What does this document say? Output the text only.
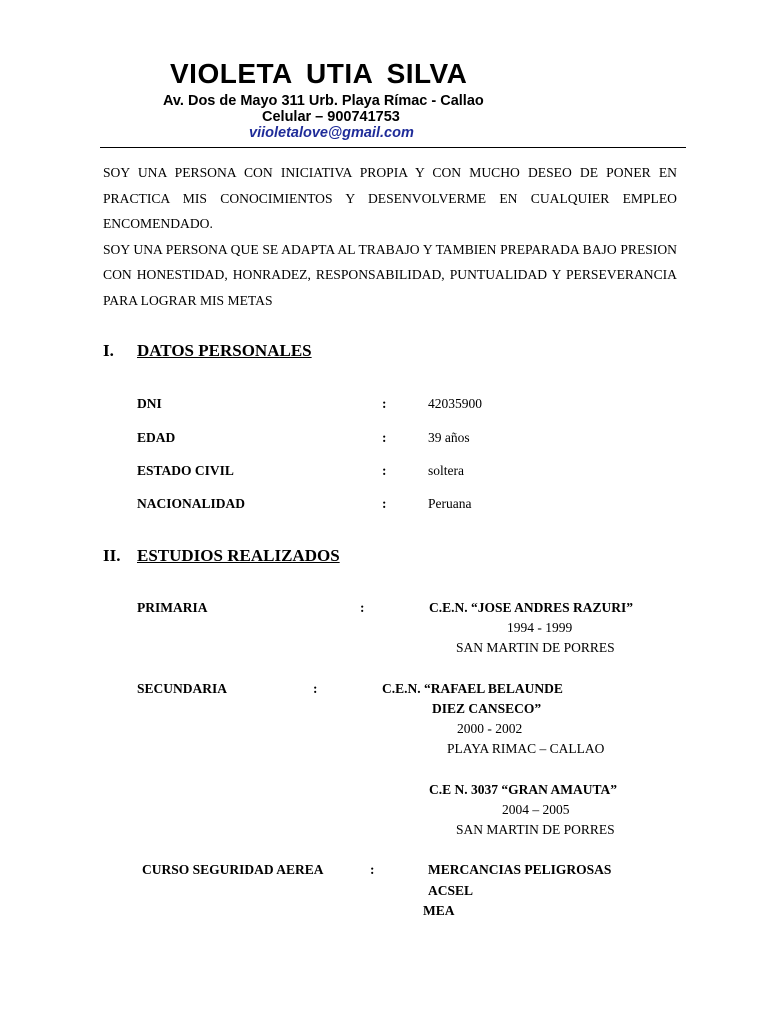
VIOLETA UTIA SILVA
Av. Dos de Mayo 311 Urb. Playa Rímac - Callao
Celular – 900741753
viioletalove@gmail.com

SOY UNA PERSONA CON INICIATIVA PROPIA Y CON MUCHO DESEO DE PONER EN PRACTICA MIS CONOCIMIENTOS Y DESENVOLVERME EN CUALQUIER EMPLEO ENCOMENDADO.

SOY UNA PERSONA QUE SE ADAPTA AL TRABAJO Y TAMBIEN PREPARADA BAJO PRESION CON HONESTIDAD, HONRADEZ, RESPONSABILIDAD, PUNTUALIDAD Y PERSEVERANCIA PARA LOGRAR MIS METAS

I. DATOS PERSONALES
DNI	:	42035900
EDAD	:	39 años
ESTADO CIVIL	:	soltera
NACIONALIDAD	:	Peruana
II. ESTUDIOS REALIZADOS
PRIMARIA	:	C.E.N. “JOSE ANDRES RAZURI”
1994 - 1999
SAN MARTIN DE PORRES
SECUNDARIA	:	C.E.N. “RAFAEL BELAUNDE
DIEZ CANSECO”
2000 - 2002
PLAYA RIMAC – CALLAO
C.E N. 3037 “GRAN AMAUTA”
2004 – 2005
SAN MARTIN DE PORRES
CURSO SEGURIDAD AEREA	:	MERCANCIAS PELIGROSAS
ACSEL
MEA
